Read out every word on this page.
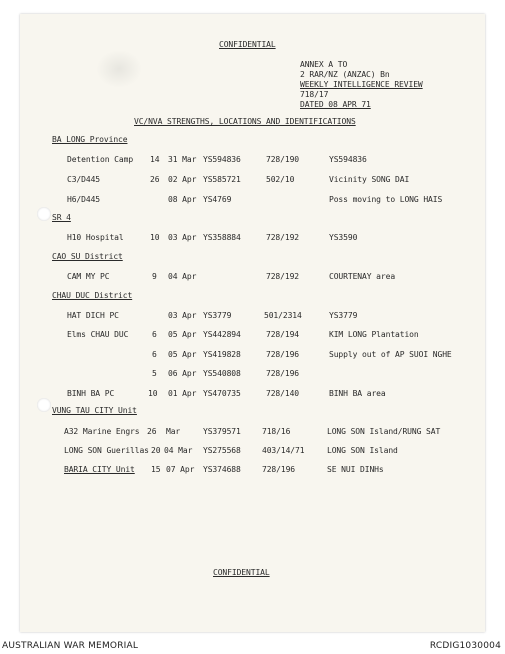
CONFIDENTIAL
ANNEX A TO
2 RAR/NZ (ANZAC) Bn
WEEKLY INTELLIGENCE REVIEW
718/17
DATED 08 APR 71
VC/NVA STRENGTHS, LOCATIONS AND IDENTIFICATIONS
BA LONG Province
Detention Camp 14 31 Mar YS594836	728/190	YS594836
C3/D445	26 02 Apr YS585721	502/10	Vicinity SONG DAI
H6/D445	08 Apr YS4769	Poss moving to LONG HAIS
SR 4
H10 Hospital	10 03 Apr YS358884	728/192	YS3590
CAO SU District
CAM MY PC	9 04 Apr	728/192	COURTENAY area
CHAU DUC District
HAT DICH PC	03 Apr YS3779	501/2314	YS3779
Elms CHAU DUC	6 05 Apr YS442894	728/194	KIM LONG Plantation
6 05 Apr YS419828	728/196	Supply out of AP SUOI NGHE
5 06 Apr YS540808	728/196
BINH BA PC	10 01 Apr YS470735	728/140	BINH BA area
VUNG TAU CITY Unit
A32 Marine Engrs 26 Mar	YS379571	718/16	LONG SON Island/RUNG SAT
LONG SON Guerillas 20 04 Mar YS275568	403/14/71	LONG SON Island
BARIA CITY Unit 15 07 Apr YS374688	728/196	SE NUI DINHs
CONFIDENTIAL
AUSTRALIAN WAR MEMORIAL	RCDIG1030004
